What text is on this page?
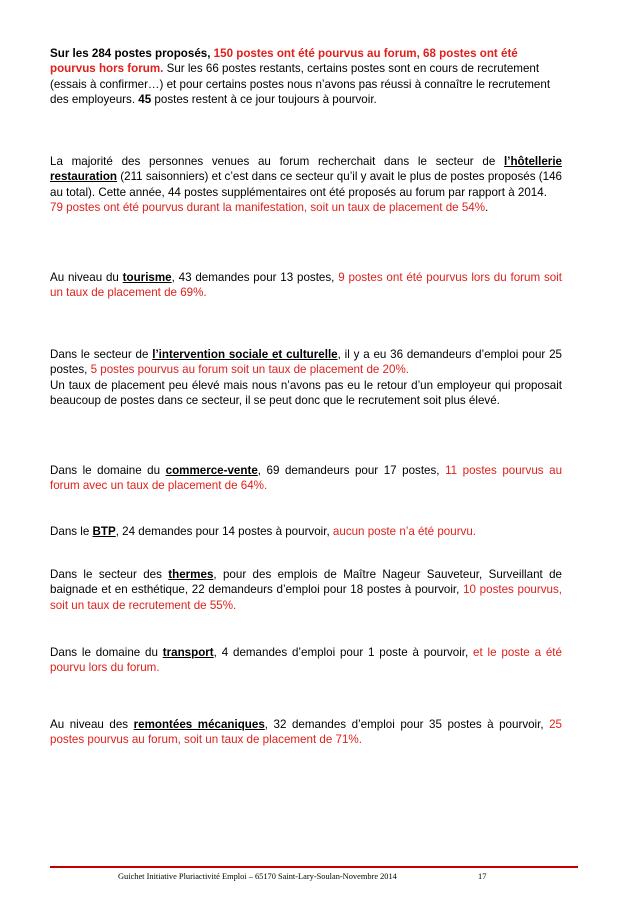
Sur les 284 postes proposés, 150 postes ont été pourvus au forum, 68 postes ont été pourvus hors forum. Sur les 66 postes restants, certains postes sont en cours de recrutement (essais à confirmer…) et pour certains postes nous n’avons pas réussi à connaître le recrutement des employeurs. 45 postes restent à ce jour toujours à pourvoir.

La majorité des personnes venues au forum recherchait dans le secteur de l’hôtellerie restauration (211 saisonniers) et c’est dans ce secteur qu’il y avait le plus de postes proposés (146 au total). Cette année, 44 postes supplémentaires ont été proposés au forum par rapport à 2014.
79 postes ont été pourvus durant la manifestation, soit un taux de placement de 54%.

Au niveau du tourisme, 43 demandes pour 13 postes, 9 postes ont été pourvus lors du forum soit un taux de placement de 69%.

Dans le secteur de l’intervention sociale et culturelle, il y a eu 36 demandeurs d’emploi pour 25 postes, 5 postes pourvus au forum soit un taux de placement de 20%.
Un taux de placement peu élevé mais nous n’avons pas eu le retour d’un employeur qui proposait beaucoup de postes dans ce secteur, il se peut donc que le recrutement soit plus élevé.

Dans le domaine du commerce-vente, 69 demandeurs pour 17 postes, 11 postes pourvus au forum avec un taux de placement de 64%.

Dans le BTP, 24 demandes pour 14 postes à pourvoir, aucun poste n’a été pourvu.

Dans le secteur des thermes, pour des emplois de Maître Nageur Sauveteur, Surveillant de baignade et en esthétique, 22 demandeurs d’emploi pour 18 postes à pourvoir, 10 postes pourvus, soit un taux de recrutement de 55%.

Dans le domaine du transport, 4 demandes d’emploi pour 1 poste à pourvoir, et le poste a été pourvu lors du forum.

Au niveau des remontées mécaniques, 32 demandes d’emploi pour 35 postes à pourvoir, 25 postes pourvus au forum, soit un taux de placement de 71%.

Guichet Initiative Pluriactivité Emploi – 65170 Saint-Lary-Soulan-Novembre 2014	17
